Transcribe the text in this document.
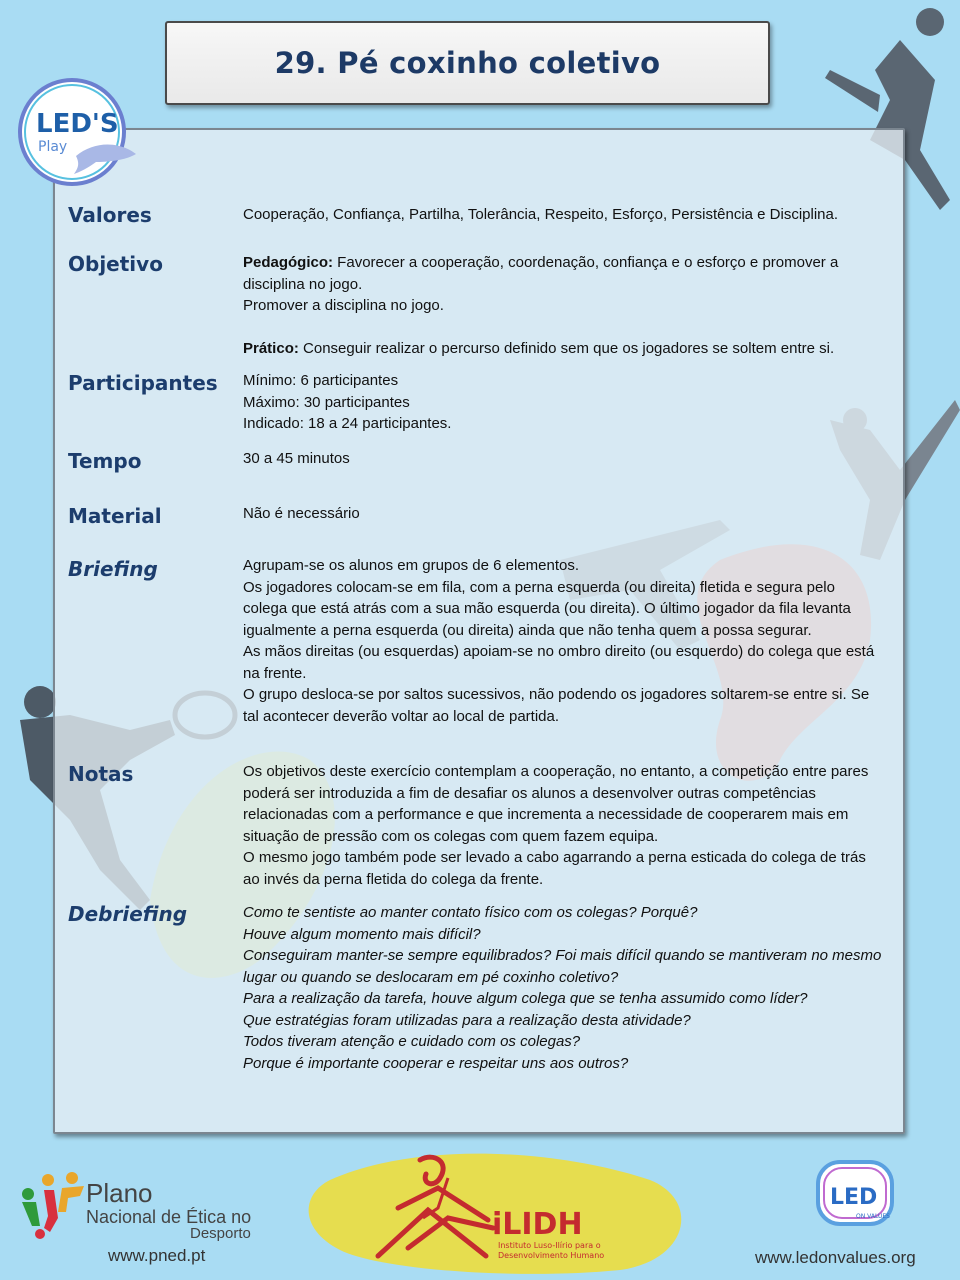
29. Pé coxinho coletivo
LED'S
Play
Valores	Cooperação, Confiança, Partilha, Tolerância, Respeito, Esforço, Persistência e Disciplina.
Objetivo	Pedagógico: Favorecer a cooperação, coordenação, confiança e o esforço e promover a disciplina no jogo.
Promover a disciplina no jogo.
Prático: Conseguir realizar o percurso definido sem que os jogadores se soltem entre si.
Participantes Mínimo: 6 participantes
Máximo: 30 participantes
Indicado: 18 a 24 participantes.
Tempo	30 a 45 minutos
Material	Não é necessário
Briefing	Agrupam-se os alunos em grupos de 6 elementos.
Os jogadores colocam-se em fila, com a perna esquerda (ou direita) fletida e segura pelo colega que está atrás com a sua mão esquerda (ou direita). O último jogador da fila levanta igualmente a perna esquerda (ou direita) ainda que não tenha quem a possa segurar.
As mãos direitas (ou esquerdas) apoiam-se no ombro direito (ou esquerdo) do colega que está na frente.
O grupo desloca-se por saltos sucessivos, não podendo os jogadores soltarem-se entre si. Se tal acontecer deverão voltar ao local de partida.
Notas	Os objetivos deste exercício contemplam a cooperação, no entanto, a competição entre pares poderá ser introduzida a fim de desafiar os alunos a desenvolver outras competências relacionadas com a performance e que incrementa a necessidade de cooperarem mais em situação de pressão com os colegas com quem fazem equipa.
O mesmo jogo também pode ser levado a cabo agarrando a perna esticada do colega de trás ao invés da perna fletida do colega da frente.
Debriefing	Como te sentiste ao manter contato físico com os colegas? Porquê?
Houve algum momento mais difícil?
Conseguiram manter-se sempre equilibrados? Foi mais difícil quando se mantiveram no mesmo lugar ou quando se deslocaram em pé coxinho coletivo?
Para a realização da tarefa, houve algum colega que se tenha assumido como líder?
Que estratégias foram utilizadas para a realização desta atividade?
Todos tiveram atenção e cuidado com os colegas?
Porque é importante cooperar e respeitar uns aos outros?
Plano
Nacional de Ética no
Desporto
www.pned.pt
iLIDH
Instituto Luso-Ilírio para o
Desenvolvimento Humano
LED
ON VALUES
www.ledonvalues.org
